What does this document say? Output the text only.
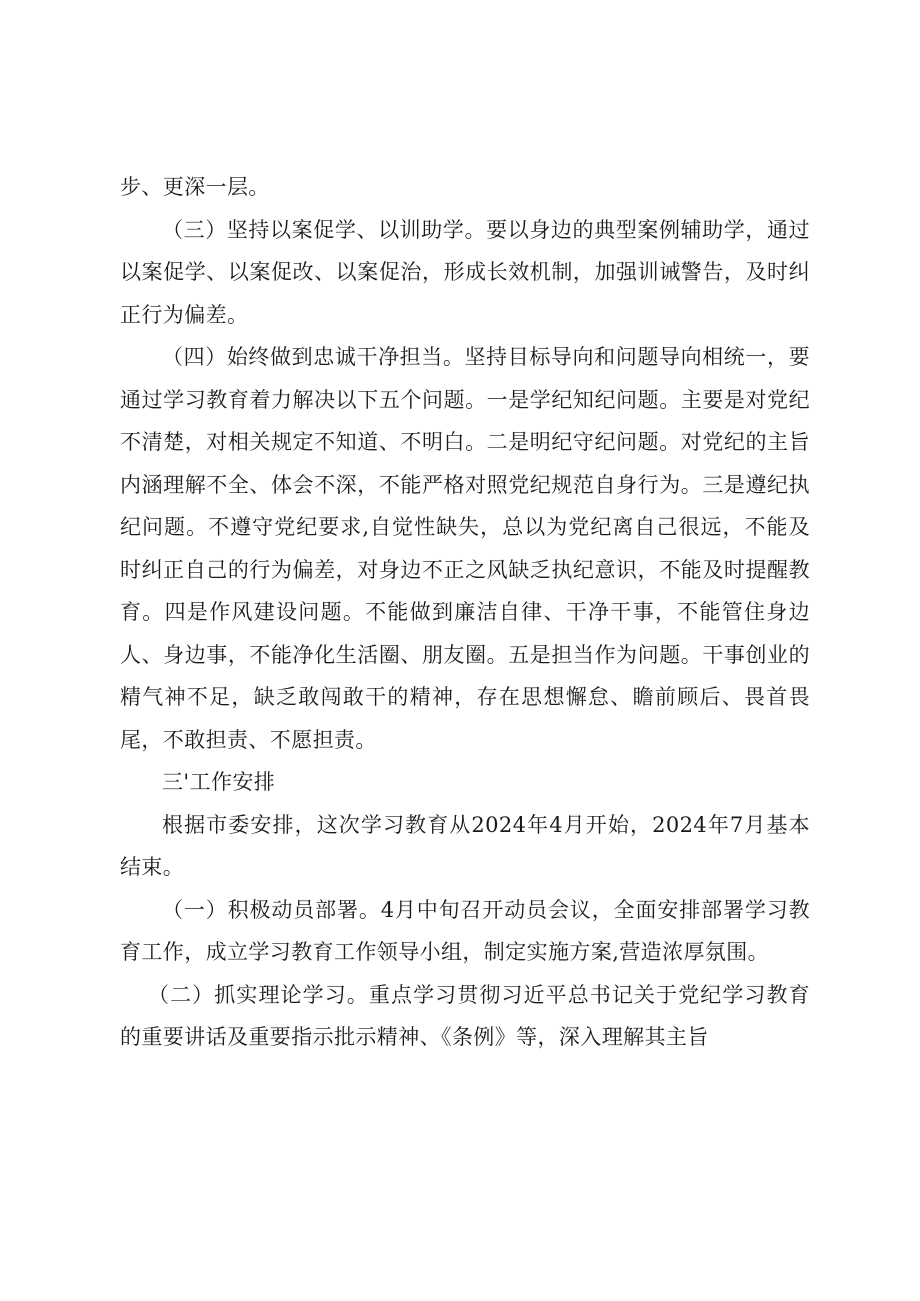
步、更深一层。

（三）坚持以案促学、以训助学。要以身边的典型案例辅助学，通过以案促学、以案促改、以案促治，形成长效机制，加强训诫警告，及时纠正行为偏差。

（四）始终做到忠诚干净担当。坚持目标导向和问题导向相统一，要通过学习教育着力解决以下五个问题。一是学纪知纪问题。主要是对党纪不清楚，对相关规定不知道、不明白。二是明纪守纪问题。对党纪的主旨内涵理解不全、体会不深，不能严格对照党纪规范自身行为。三是遵纪执纪问题。不遵守党纪要求,自觉性缺失，总以为党纪离自己很远，不能及时纠正自己的行为偏差，对身边不正之风缺乏执纪意识，不能及时提醒教育。四是作风建设问题。不能做到廉洁自律、干净干事，不能管住身边人、身边事，不能净化生活圈、朋友圈。五是担当作为问题。干事创业的精气神不足，缺乏敢闯敢干的精神，存在思想懈怠、瞻前顾后、畏首畏尾，不敢担责、不愿担责。

三'工作安排

根据市委安排，这次学习教育从2024年4月开始，2024年7月基本结束。

（一）积极动员部署。4月中旬召开动员会议，全面安排部署学习教育工作，成立学习教育工作领导小组，制定实施方案,营造浓厚氛围。

（二）抓实理论学习。重点学习贯彻习近平总书记关于党纪学习教育的重要讲话及重要指示批示精神、《条例》等，深入理解其主旨
